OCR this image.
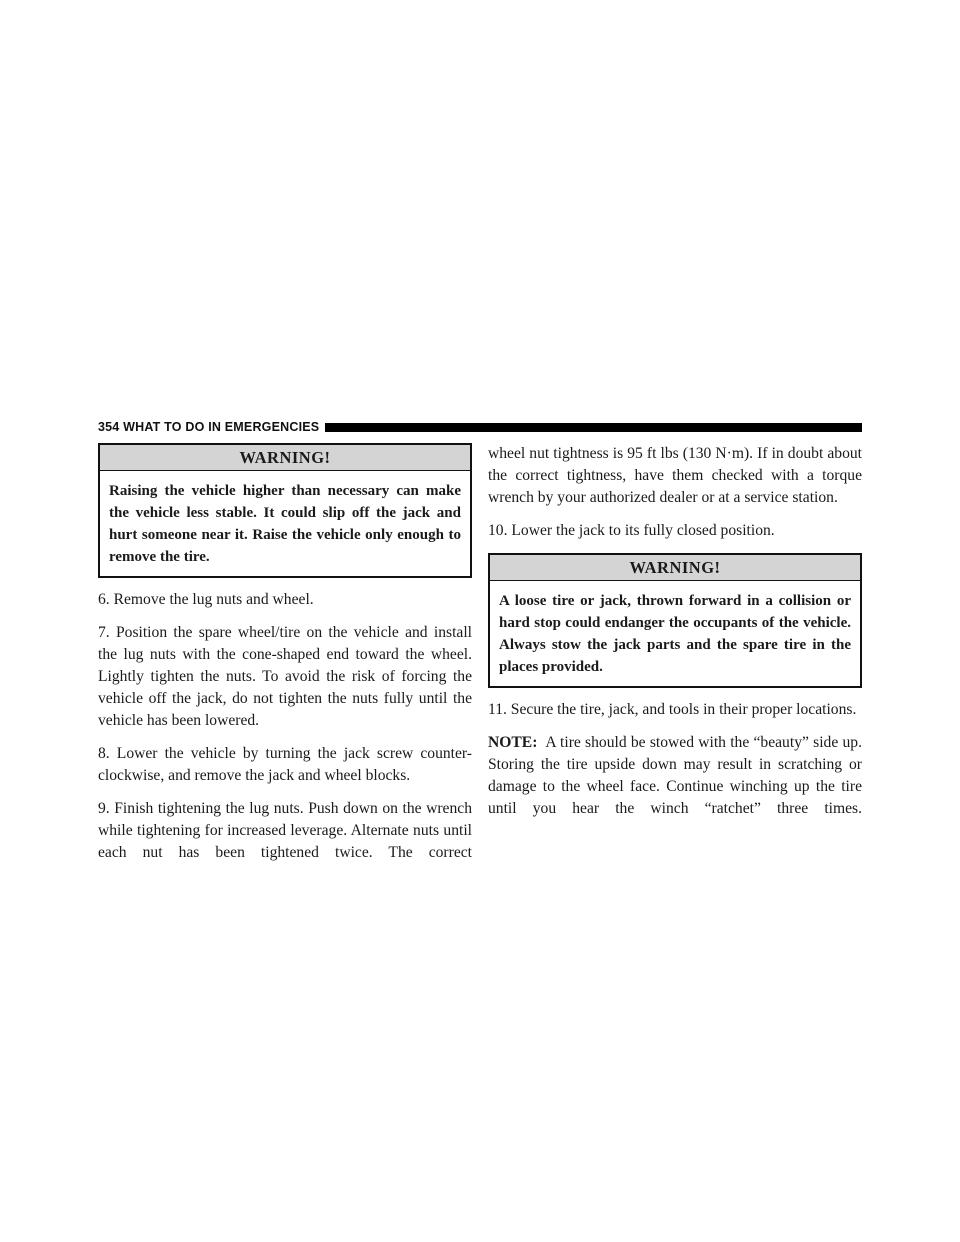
354 WHAT TO DO IN EMERGENCIES
WARNING!
Raising the vehicle higher than necessary can make the vehicle less stable. It could slip off the jack and hurt someone near it. Raise the vehicle only enough to remove the tire.

6. Remove the lug nuts and wheel.

7. Position the spare wheel/tire on the vehicle and install the lug nuts with the cone-shaped end toward the wheel. Lightly tighten the nuts. To avoid the risk of forcing the vehicle off the jack, do not tighten the nuts fully until the vehicle has been lowered.

8. Lower the vehicle by turning the jack screw counter-clockwise, and remove the jack and wheel blocks.

9. Finish tightening the lug nuts. Push down on the wrench while tightening for increased leverage. Alternate nuts until each nut has been tightened twice. The correct

wheel nut tightness is 95 ft lbs (130 N·m). If in doubt about the correct tightness, have them checked with a torque wrench by your authorized dealer or at a service station.

10. Lower the jack to its fully closed position.

WARNING!
A loose tire or jack, thrown forward in a collision or hard stop could endanger the occupants of the vehicle. Always stow the jack parts and the spare tire in the places provided.

11. Secure the tire, jack, and tools in their proper locations.

NOTE: A tire should be stowed with the “beauty” side up. Storing the tire upside down may result in scratching or damage to the wheel face. Continue winching up the tire until you hear the winch “ratchet” three times.
